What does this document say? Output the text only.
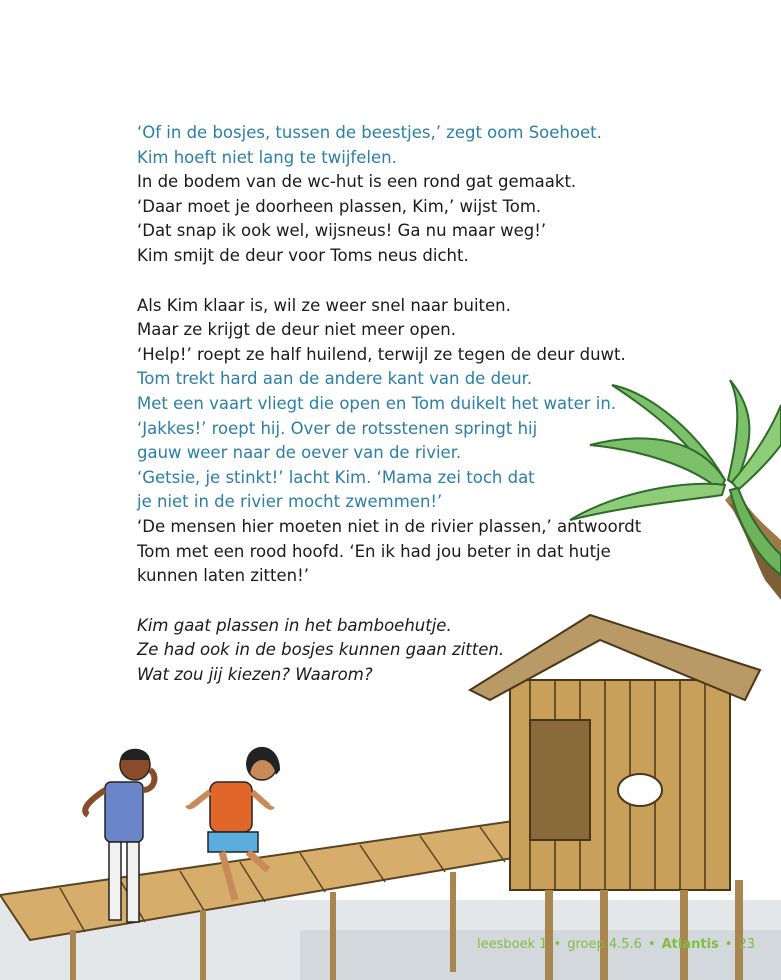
‘Of in de bosjes, tussen de beestjes,’ zegt oom Soehoet.
Kim hoeft niet lang te twijfelen.
In de bodem van de wc-hut is een rond gat gemaakt.
‘Daar moet je doorheen plassen, Kim,’ wijst Tom.
‘Dat snap ik ook wel, wijsneus! Ga nu maar weg!’
Kim smijt de deur voor Toms neus dicht.
Als Kim klaar is, wil ze weer snel naar buiten.
Maar ze krijgt de deur niet meer open.
‘Help!’ roept ze half huilend, terwijl ze tegen de deur duwt.
Tom trekt hard aan de andere kant van de deur.
Met een vaart vliegt die open en Tom duikelt het water in.
‘Jakkes!’ roept hij. Over de rotsstenen springt hij
gauw weer naar de oever van de rivier.
‘Getsie, je stinkt!’ lacht Kim. ‘Mama zei toch dat
je niet in de rivier mocht zwemmen!’
‘De mensen hier moeten niet in de rivier plassen,’ antwoordt
Tom met een rood hoofd. ‘En ik had jou beter in dat hutje
kunnen laten zitten!’
Kim gaat plassen in het bamboehutje.
Ze had ook in de bosjes kunnen gaan zitten.
Wat zou jij kiezen? Waarom?
leesboek 1 • groep 4.5.6 • Atlantis • 23
